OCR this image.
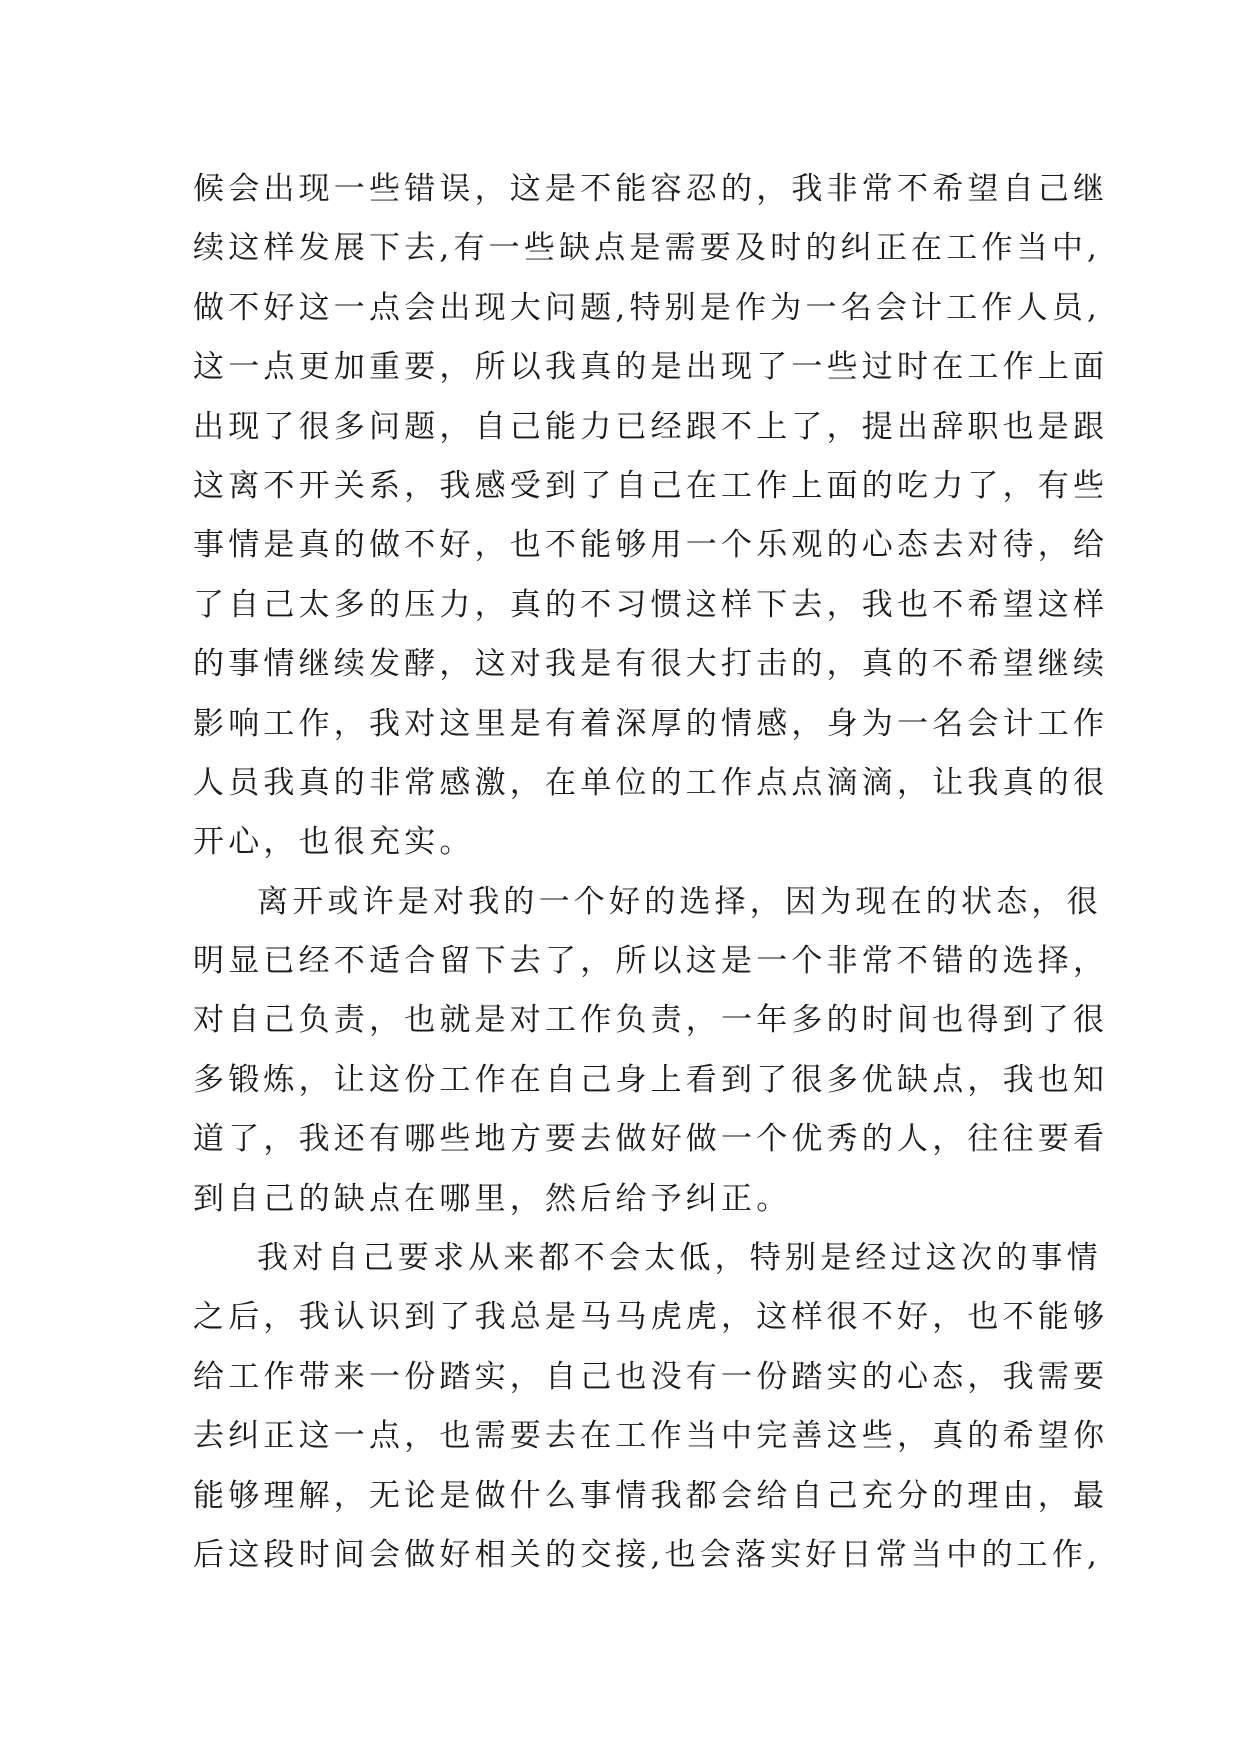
候会出现一些错误，这是不能容忍的，我非常不希望自己继
续这样发展下去,有一些缺点是需要及时的纠正在工作当中,
做不好这一点会出现大问题,特别是作为一名会计工作人员,
这一点更加重要，所以我真的是出现了一些过时在工作上面
出现了很多问题，自己能力已经跟不上了，提出辞职也是跟
这离不开关系，我感受到了自己在工作上面的吃力了，有些
事情是真的做不好，也不能够用一个乐观的心态去对待，给
了自己太多的压力，真的不习惯这样下去，我也不希望这样
的事情继续发酵，这对我是有很大打击的，真的不希望继续
影响工作，我对这里是有着深厚的情感，身为一名会计工作
人员我真的非常感激，在单位的工作点点滴滴，让我真的很
开心，也很充实。
离开或许是对我的一个好的选择，因为现在的状态，很
明显已经不适合留下去了，所以这是一个非常不错的选择，
对自己负责，也就是对工作负责，一年多的时间也得到了很
多锻炼，让这份工作在自己身上看到了很多优缺点，我也知
道了，我还有哪些地方要去做好做一个优秀的人，往往要看
到自己的缺点在哪里，然后给予纠正。
我对自己要求从来都不会太低，特别是经过这次的事情
之后，我认识到了我总是马马虎虎，这样很不好，也不能够
给工作带来一份踏实，自己也没有一份踏实的心态，我需要
去纠正这一点，也需要去在工作当中完善这些，真的希望你
能够理解，无论是做什么事情我都会给自己充分的理由，最
后这段时间会做好相关的交接,也会落实好日常当中的工作,
